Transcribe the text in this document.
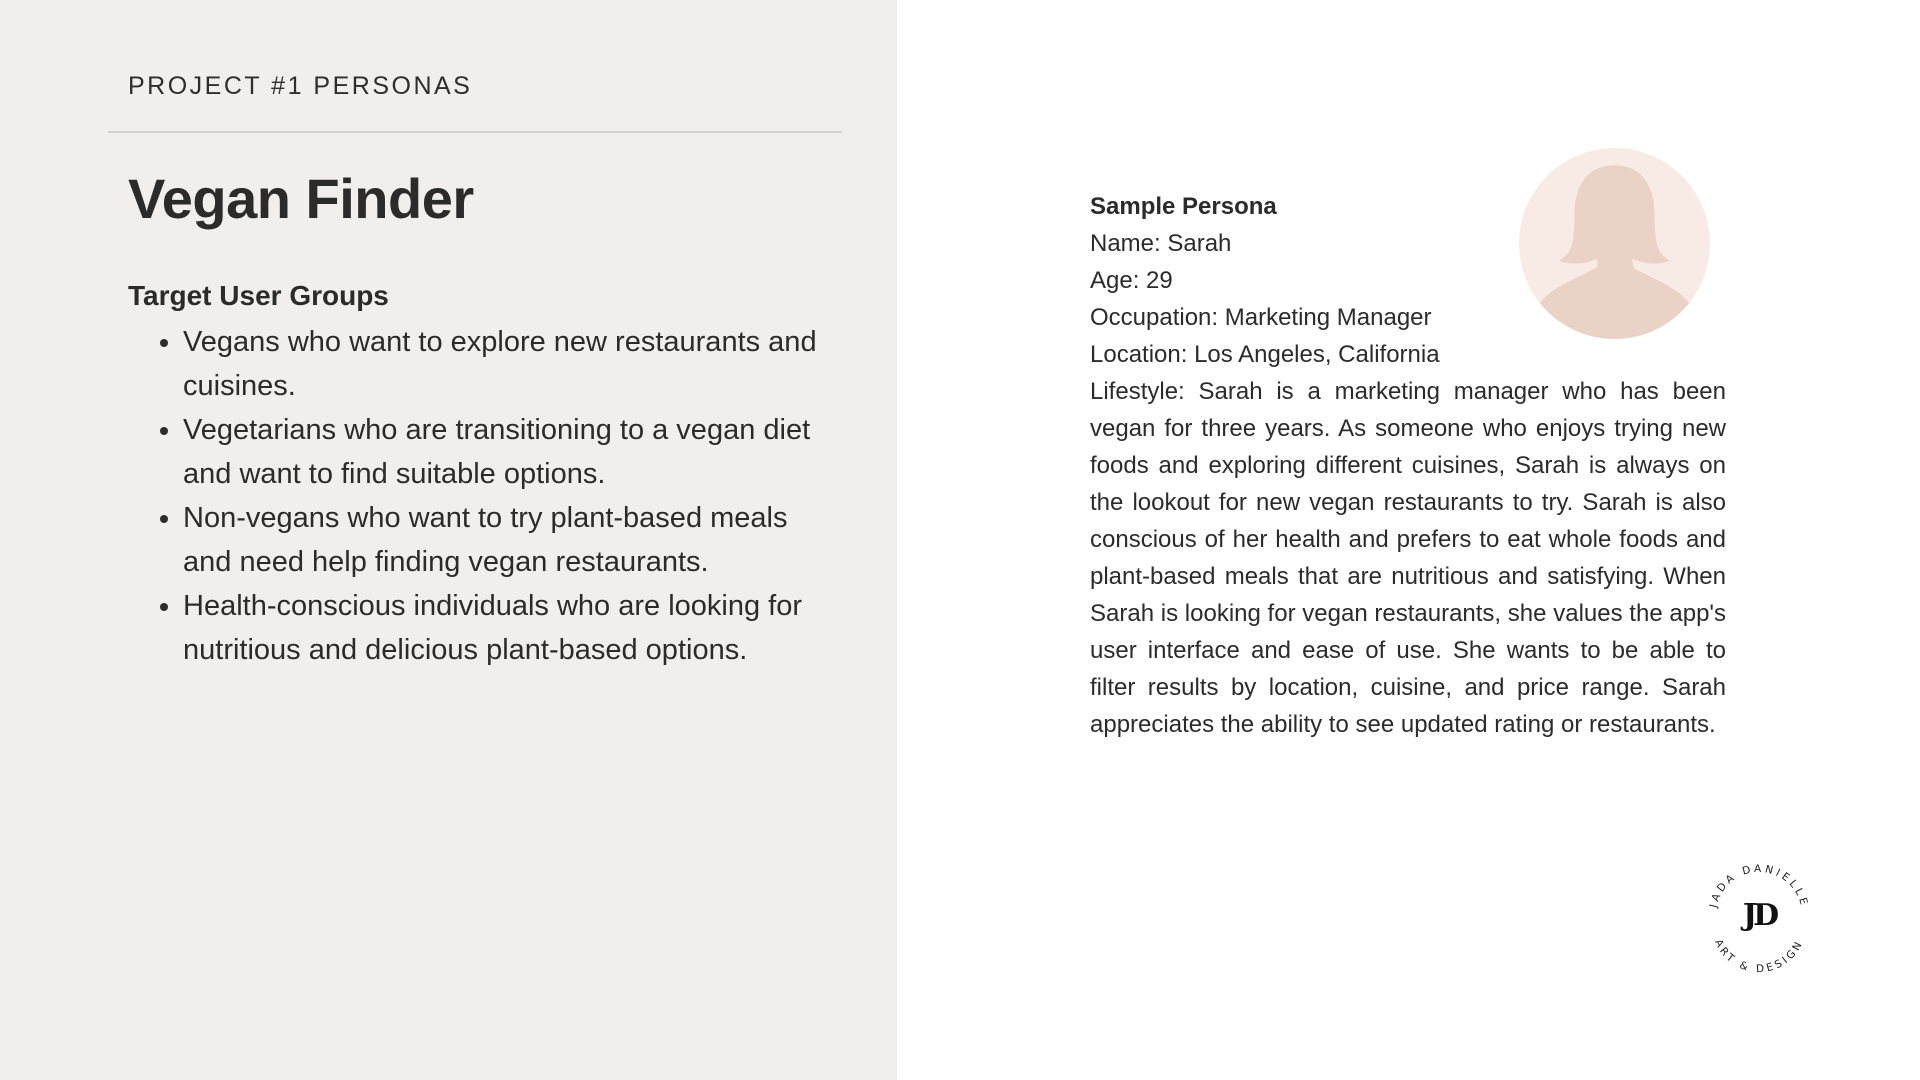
PROJECT #1 PERSONAS
Vegan Finder
Target User Groups
• Vegans who want to explore new restaurants and cuisines.
• Vegetarians who are transitioning to a vegan diet and want to find suitable options.
• Non-vegans who want to try plant-based meals and need help finding vegan restaurants.
• Health-conscious individuals who are looking for nutritious and delicious plant-based options.
Sample Persona
Name: Sarah
Age: 29
Occupation: Marketing Manager
Location: Los Angeles, California
Lifestyle: Sarah is a marketing manager who has been vegan for three years. As someone who enjoys trying new foods and exploring different cuisines, Sarah is always on the lookout for new vegan restaurants to try. Sarah is also conscious of her health and prefers to eat whole foods and plant-based meals that are nutritious and satisfying. When Sarah is looking for vegan restaurants, she values the app's user interface and ease of use. She wants to be able to filter results by location, cuisine, and price range. Sarah appreciates the ability to see updated rating or restaurants.
JADA DANIELLE
ART & DESIGN
JD
